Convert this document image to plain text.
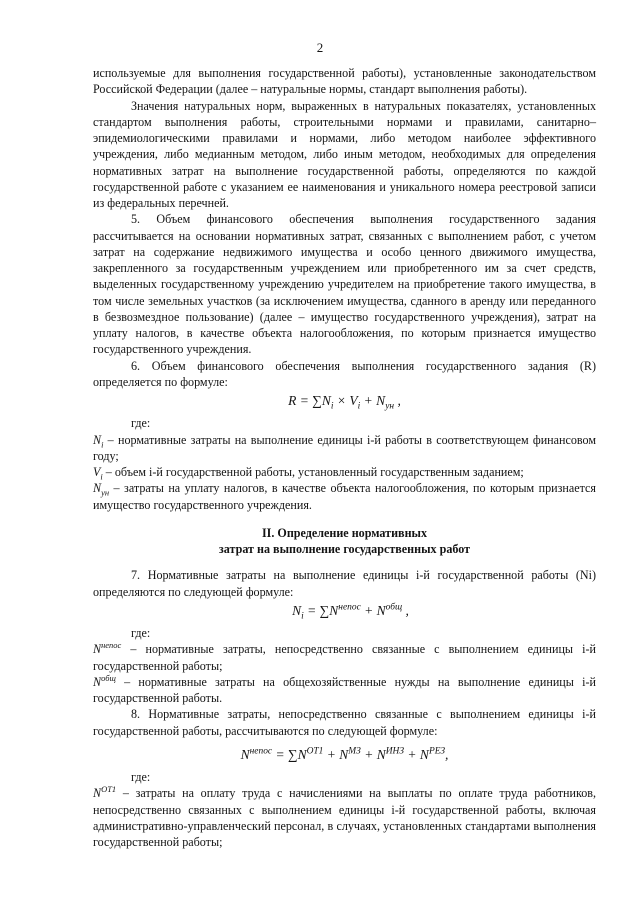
2

используемые для выполнения государственной работы), установленные законодательством Российской Федерации (далее – натуральные нормы, стандарт выполнения работы).

Значения натуральных норм, выраженных в натуральных показателях, установленных стандартом выполнения работы, строительными нормами и правилами, санитарно–эпидемиологическими правилами и нормами, либо методом наиболее эффективного учреждения, либо медианным методом, либо иным методом, необходимых для определения нормативных затрат на выполнение государственной работы, определяются по каждой государственной работе с указанием ее наименования и уникального номера реестровой записи из федеральных перечней.

5. Объем финансового обеспечения выполнения государственного задания рассчитывается на основании нормативных затрат, связанных с выполнением работ, с учетом затрат на содержание недвижимого имущества и особо ценного движимого имущества, закрепленного за государственным учреждением или приобретенного им за счет средств, выделенных государственному учреждению учредителем на приобретение такого имущества, в том числе земельных участков (за исключением имущества, сданного в аренду или переданного в безвозмездное пользование) (далее – имущество государственного учреждения), затрат на уплату налогов, в качестве объекта налогообложения, по которым признается имущество государственного учреждения.

6. Объем финансового обеспечения выполнения государственного задания (R) определяется по формуле:

$R = \sum N_i \times V_i + N_{ун}$ ,
где:

$N_i$ – нормативные затраты на выполнение единицы i-й работы в соответствующем финансовом году;

$V_i$ – объем i-й государственной работы, установленный государственным заданием;

$N_{ун}$ – затраты на уплату налогов, в качестве объекта налогообложения, по которым признается имущество государственного учреждения.

II. Определение нормативных
затрат на выполнение государственных работ

7. Нормативные затраты на выполнение единицы i-й государственной работы (Ni) определяются по следующей формуле:

$N_i = \sum N^{непос} + N^{общ}$ ,
где:

$N^{непос}$ – нормативные затраты, непосредственно связанные с выполнением единицы i-й государственной работы;

$N^{общ}$ – нормативные затраты на общехозяйственные нужды на выполнение единицы i-й государственной работы.

8. Нормативные затраты, непосредственно связанные с выполнением единицы i-й государственной работы, рассчитываются по следующей формуле:

$N^{непос} = \sum N^{ОТ1} + N^{МЗ} + N^{ИНЗ} + N^{РЕЗ}$,
где:

$N^{ОТ1}$ – затраты на оплату труда с начислениями на выплаты по оплате труда работников, непосредственно связанных с выполнением единицы i-й государственной работы, включая административно-управленческий персонал, в случаях, установленных стандартами выполнения государственной работы;
